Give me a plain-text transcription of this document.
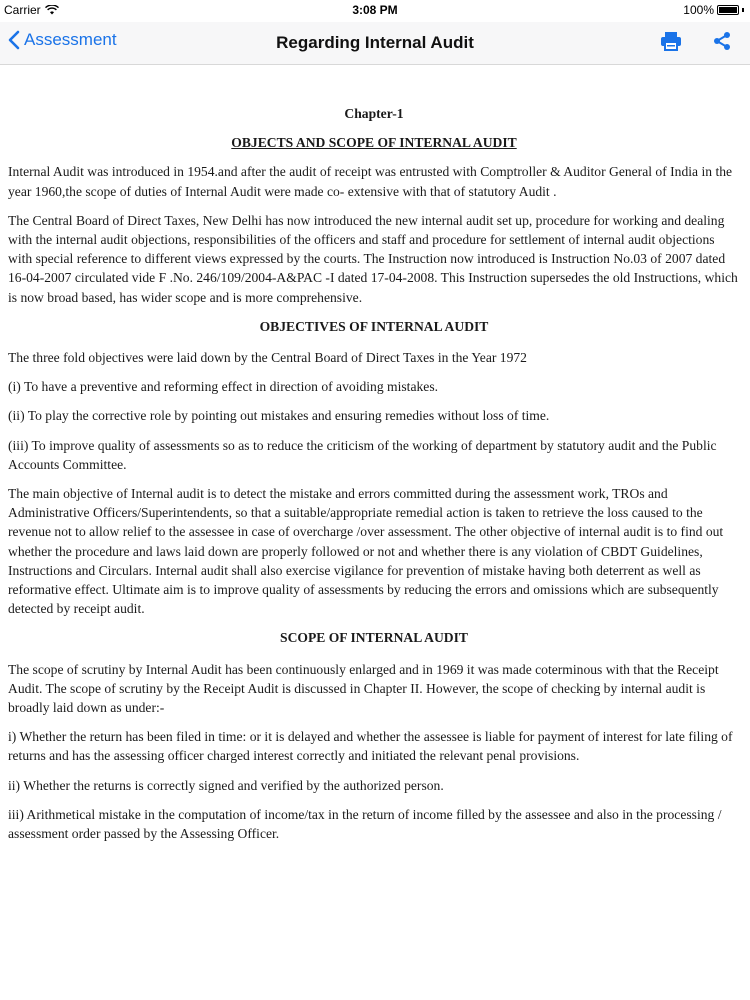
Carrier	3:08 PM	100%
Assessment	Regarding Internal Audit
Chapter-1
OBJECTS AND SCOPE OF INTERNAL AUDIT

Internal Audit was introduced in 1954.and after the audit of receipt was entrusted with Comptroller & Auditor General of India in the year 1960,the scope of duties of Internal Audit were made co- extensive with that of statutory Audit .

The Central Board of Direct Taxes, New Delhi has now introduced the new internal audit set up, procedure for working and dealing with the internal audit objections, responsibilities of the officers and staff and procedure for settlement of internal audit objections with special reference to different views expressed by the courts. The Instruction now introduced is Instruction No.03 of 2007 dated 16-04-2007 circulated vide F .No. 246/109/2004-A&PAC -I dated 17-04-2008. This Instruction supersedes the old Instructions, which is now broad based, has wider scope and is more comprehensive.

OBJECTIVES OF INTERNAL AUDIT

The three fold objectives were laid down by the Central Board of Direct Taxes in the Year 1972

(i) To have a preventive and reforming effect in direction of avoiding mistakes.

(ii) To play the corrective role by pointing out mistakes and ensuring remedies without loss of time.

(iii) To improve quality of assessments so as to reduce the criticism of the working of department by statutory audit and the Public Accounts Committee.

The main objective of Internal audit is to detect the mistake and errors committed during the assessment work, TROs and Administrative Officers/Superintendents, so that a suitable/appropriate remedial action is taken to retrieve the loss caused to the revenue not to allow relief to the assessee in case of overcharge /over assessment. The other objective of internal audit is to find out whether the procedure and laws laid down are properly followed or not and whether there is any violation of CBDT Guidelines, Instructions and Circulars. Internal audit shall also exercise vigilance for prevention of mistake having both deterrent as well as reformative effect. Ultimate aim is to improve quality of assessments by reducing the errors and omissions which are subsequently detected by receipt audit.

SCOPE OF INTERNAL AUDIT

The scope of scrutiny by Internal Audit has been continuously enlarged and in 1969 it was made coterminous with that the Receipt Audit. The scope of scrutiny by the Receipt Audit is discussed in Chapter II. However, the scope of checking by internal audit is broadly laid down as under:-

i) Whether the return has been filed in time: or it is delayed and whether the assessee is liable for payment of interest for late filing of returns and has the assessing officer charged interest correctly and initiated the relevant penal provisions.

ii) Whether the returns is correctly signed and verified by the authorized person.

iii) Arithmetical mistake in the computation of income/tax in the return of income filled by the assessee and also in the processing / assessment order passed by the Assessing Officer.
